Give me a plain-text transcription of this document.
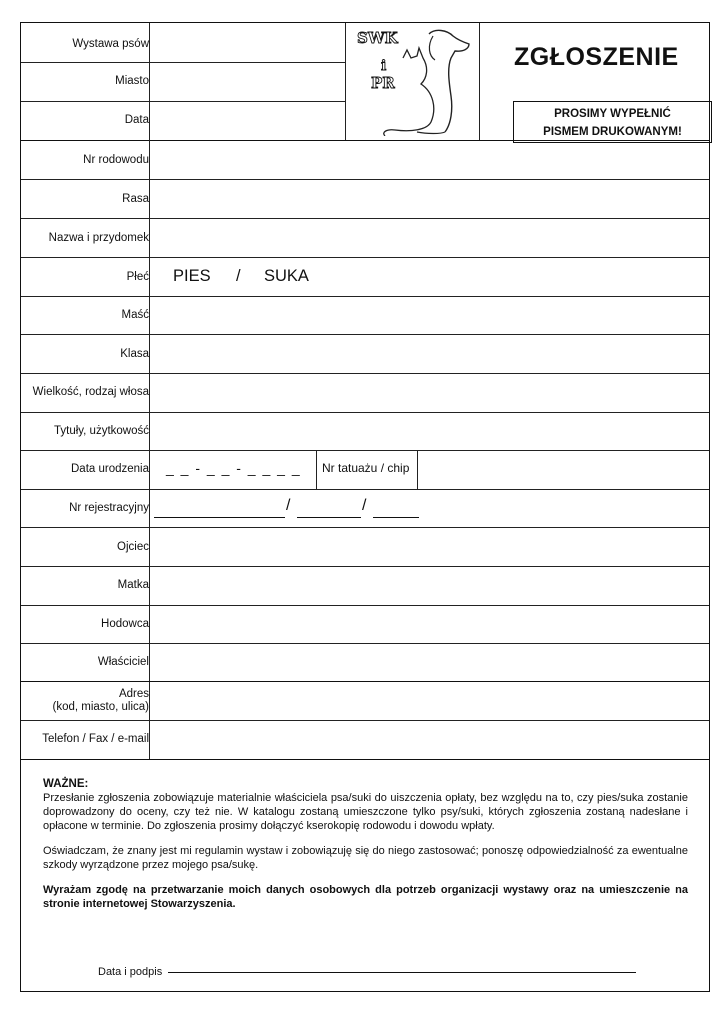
Wystawa psów
Miasto
Data
SWK
i
PR
ZGŁOSZENIE
PROSIMY WYPEŁNIĆ
PISMEM DRUKOWANYM!
Nr rodowodu
Rasa
Nazwa i przydomek
Płeć
Maść
Klasa
Wielkość, rodzaj włosa
Tytuły, użytkowość
Data urodzenia
Nr rejestracyjny
Ojciec
Matka
Hodowca
Właściciel
Adres
(kod, miasto, ulica)
Telefon / Fax / e-mail
PIES / SUKA
_ _ - _ _ - _ _ _ _ Nr tatuażu / chip
/	/

WAŻNE:

Przesłanie zgłoszenia zobowiązuje materialnie właściciela psa/suki do uiszczenia opłaty, bez względu na to, czy pies/suka zostanie doprowadzony do oceny, czy też nie. W katalogu zostaną umieszczone tylko psy/suki, których zgłoszenia zostaną nadesłane i opłacone w terminie. Do zgłoszenia prosimy dołączyć kserokopię rodowodu i dowodu wpłaty.

Oświadczam, że znany jest mi regulamin wystaw i zobowiązuję się do niego zastosować; ponoszę odpowiedzialność za ewentualne szkody wyrządzone przez mojego psa/sukę.

Wyrażam zgodę na przetwarzanie moich danych osobowych dla potrzeb organizacji wystawy oraz na umieszczenie na stronie internetowej Stowarzyszenia.

Data i podpis
